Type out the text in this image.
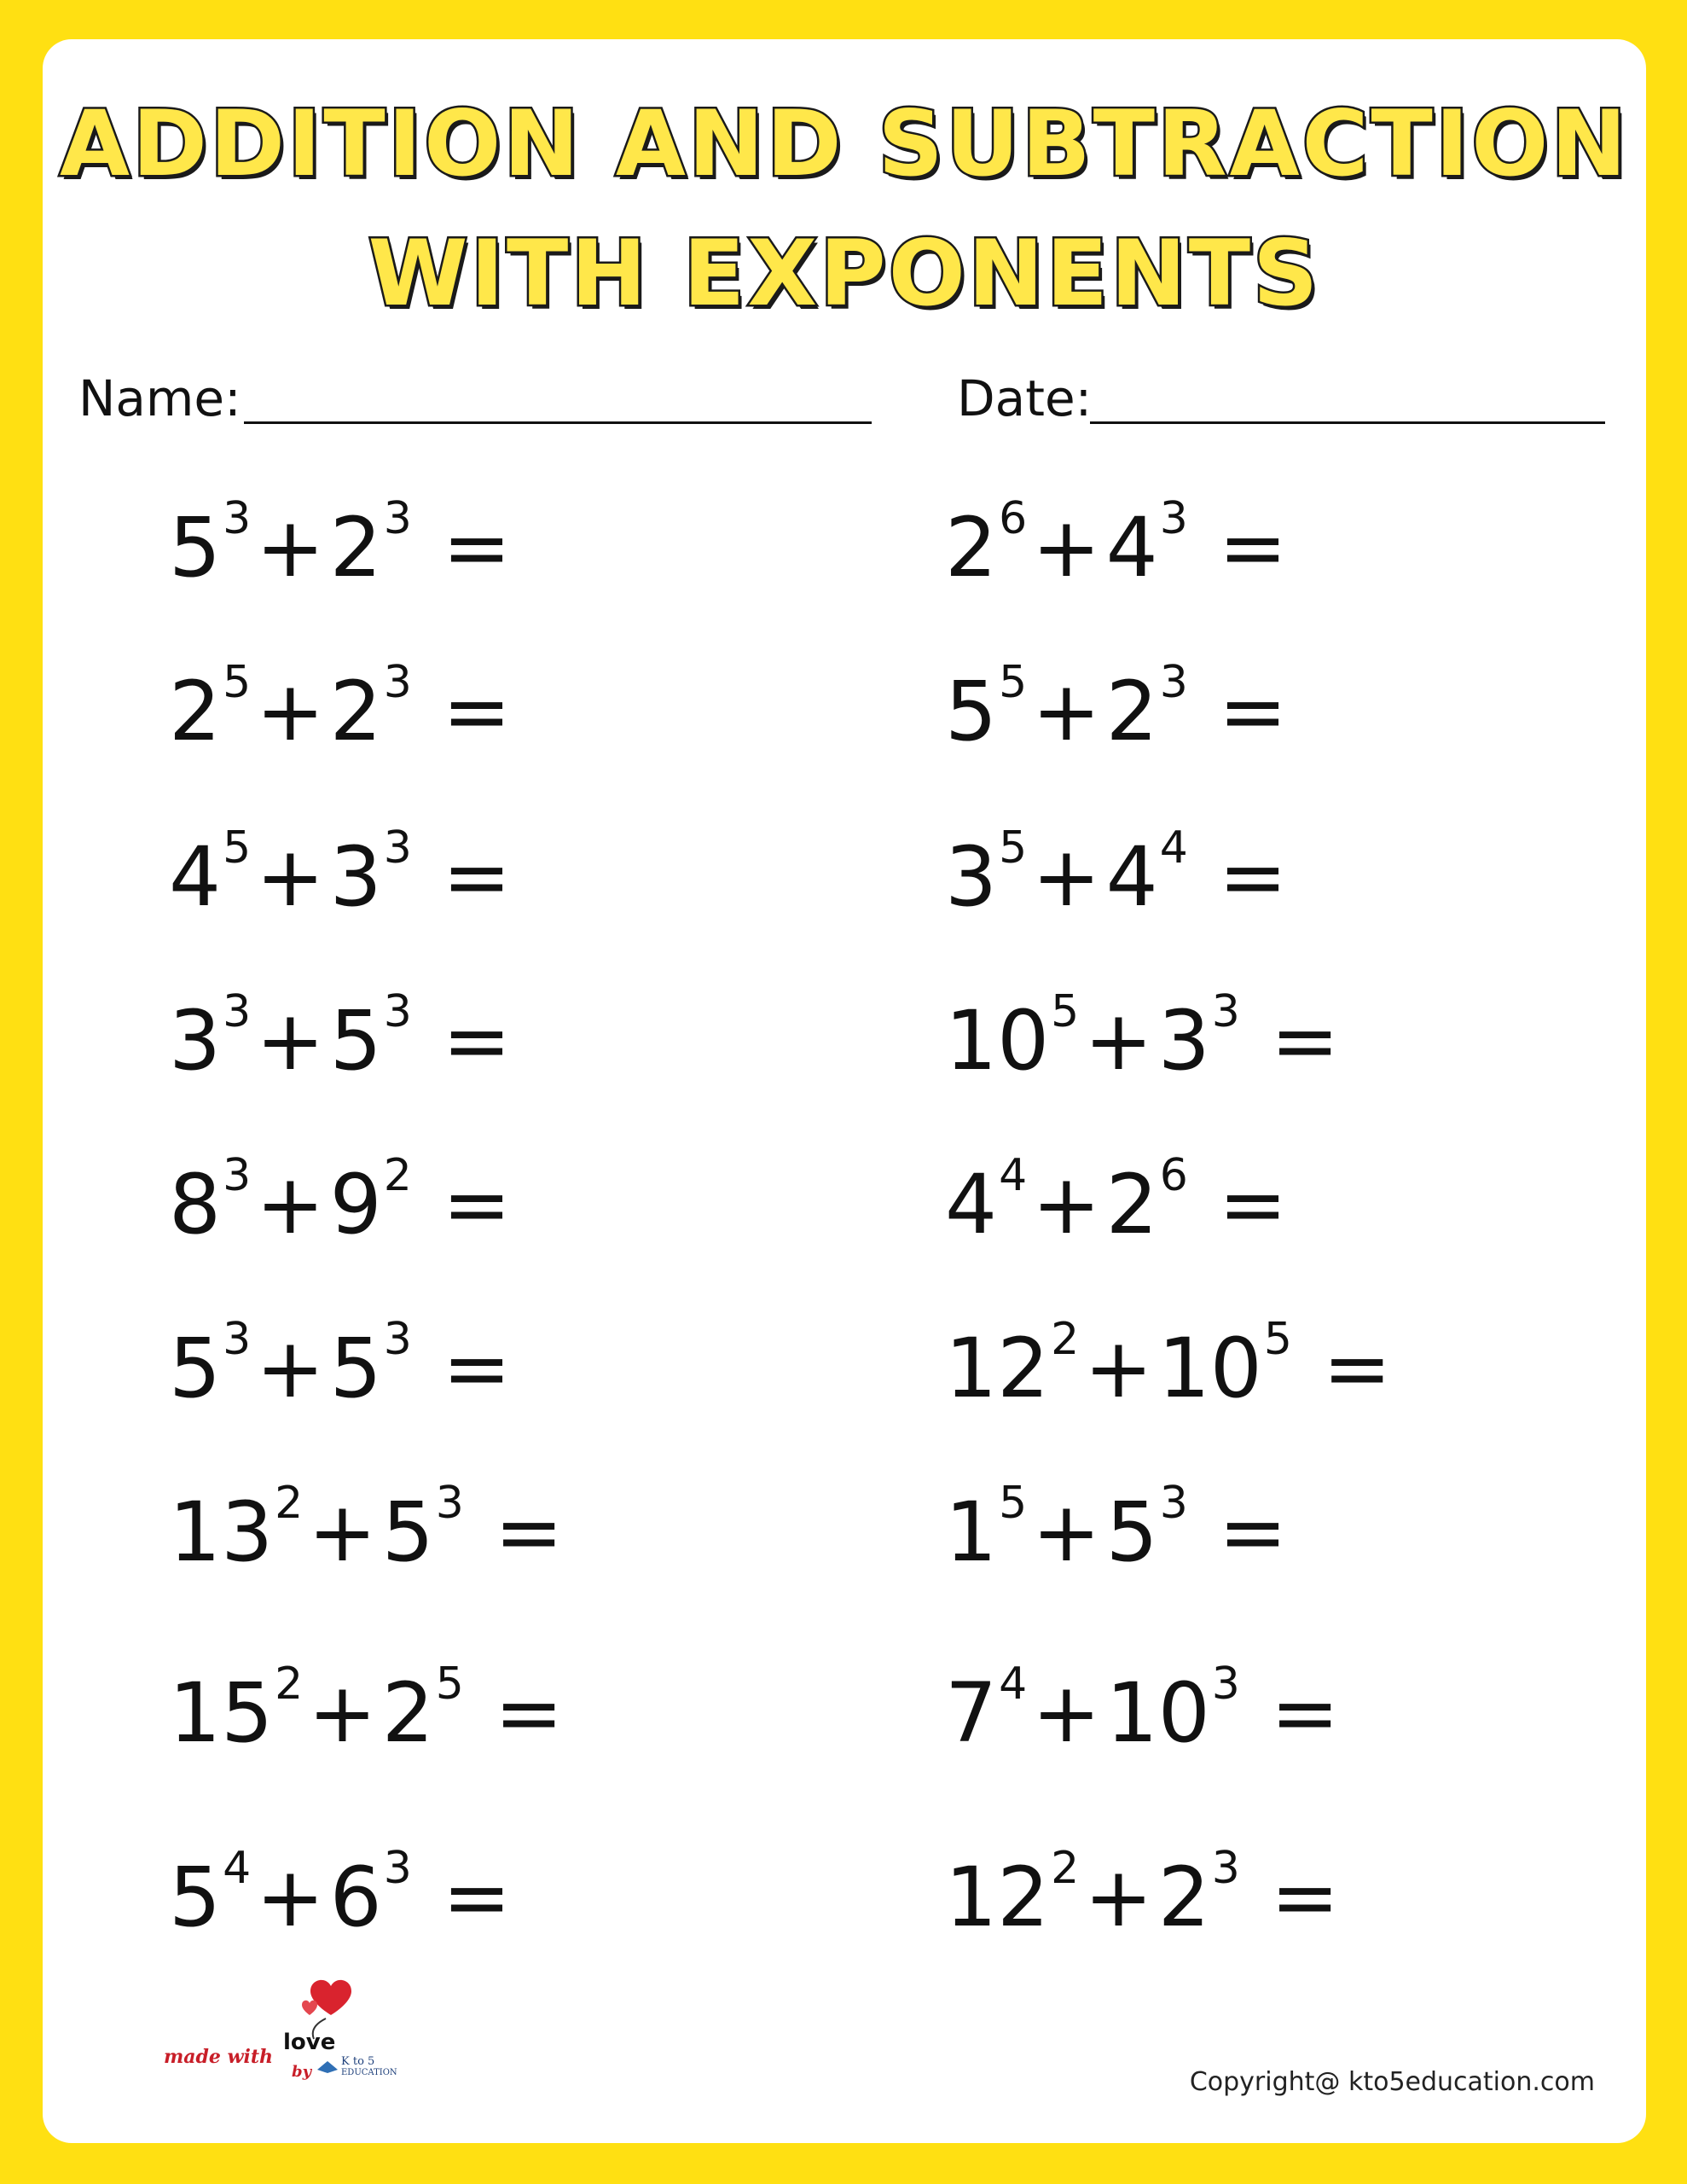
ADDITION AND SUBTRACTION
WITH EXPONENTS
Name:	Date:
$5^3+2^3$ =
$2^5+2^3$ =
$4^5+3^3$ =
$3^3+5^3$ =
$8^3+9^2$ =
$5^3+5^3$ =
$13^2+5^3$ =
$15^2+2^5$ =
$5^4+6^3$ =
$2^6+4^3$ =
$5^5+2^3$ =
$3^5+4^4$ =
$10^5+3^3$ =
$4^4+2^6$ =
$12^2+10^5$ =
$1^5+5^3$ =
$7^4+10^3$ =
$12^2+2^3$ =
made with
love
by
K to 5
EDUCATION	Copyright@ kto5education.com
